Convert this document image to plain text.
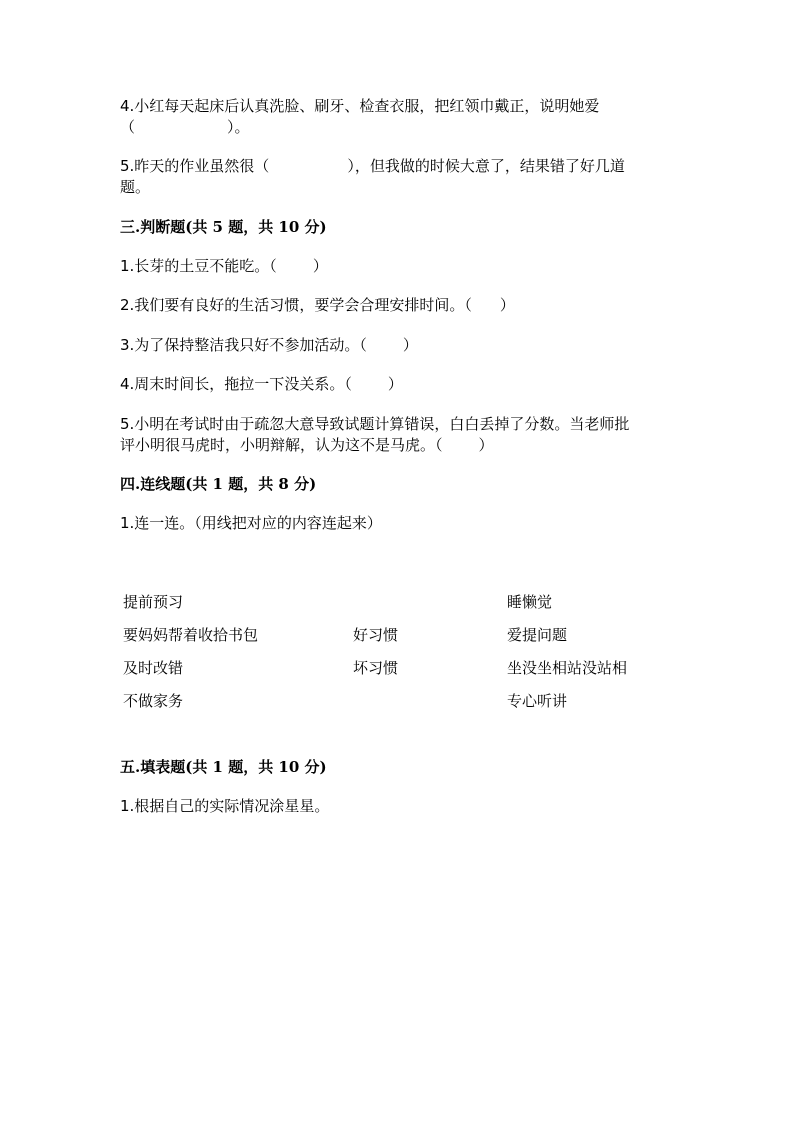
4.小红每天起床后认真洗脸、刷牙、检查衣服，把红领巾戴正，说明她爱
（	）。
5.昨天的作业虽然很（	），但我做的时候大意了，结果错了好几道
题。
三.判断题(共 5 题，共 10 分)
1.长芽的土豆不能吃。（ ）
2.我们要有良好的生活习惯，要学会合理安排时间。（ ）
3.为了保持整洁我只好不参加活动。（ ）
4.周末时间长，拖拉一下没关系。（ ）
5.小明在考试时由于疏忽大意导致试题计算错误，白白丢掉了分数。当老师批
评小明很马虎时，小明辩解，认为这不是马虎。（ ）
四.连线题(共 1 题，共 8 分)
1.连一连。（用线把对应的内容连起来）
提前预习
要妈妈帮着收拾书包
及时改错
不做家务
好习惯
坏习惯
睡懒觉
爱提问题
坐没坐相站没站相
专心听讲
五.填表题(共 1 题，共 10 分)
1.根据自己的实际情况涂星星。
